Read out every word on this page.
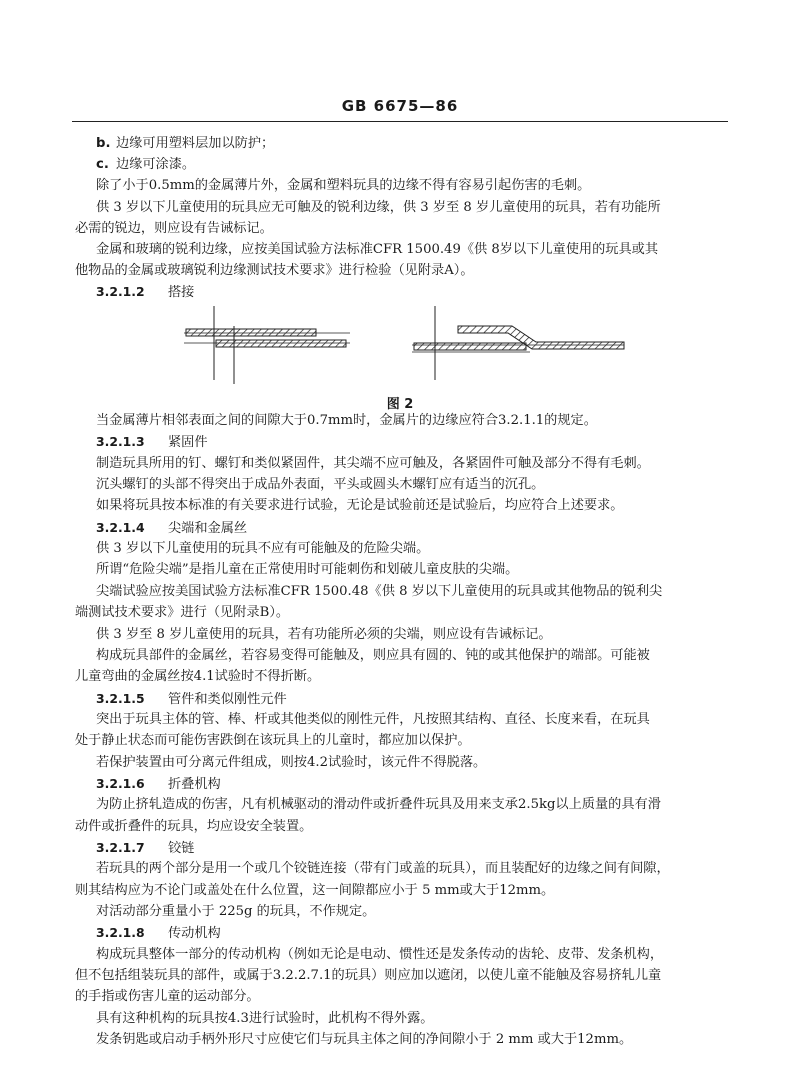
GB 6675—86
b. 边缘可用塑料层加以防护；
c. 边缘可涂漆。
除了小于0.5mm的金属薄片外，金属和塑料玩具的边缘不得有容易引起伤害的毛刺。
供 3 岁以下儿童使用的玩具应无可触及的锐利边缘，供 3 岁至 8 岁儿童使用的玩具，若有功能所
必需的锐边，则应设有告诫标记。
金属和玻璃的锐利边缘，应按美国试验方法标准CFR 1500.49《供 8岁以下儿童使用的玩具或其
他物品的金属或玻璃锐利边缘测试技术要求》进行检验（见附录A）。
3.2.1.2 搭接
图 2
当金属薄片相邻表面之间的间隙大于0.7mm时，金属片的边缘应符合3.2.1.1的规定。
3.2.1.3 紧固件
制造玩具所用的钉、螺钉和类似紧固件，其尖端不应可触及，各紧固件可触及部分不得有毛刺。
沉头螺钉的头部不得突出于成品外表面，平头或圆头木螺钉应有适当的沉孔。
如果将玩具按本标准的有关要求进行试验，无论是试验前还是试验后，均应符合上述要求。
3.2.1.4 尖端和金属丝
供 3 岁以下儿童使用的玩具不应有可能触及的危险尖端。
所谓“危险尖端”是指儿童在正常使用时可能刺伤和划破儿童皮肤的尖端。
尖端试验应按美国试验方法标准CFR 1500.48《供 8 岁以下儿童使用的玩具或其他物品的锐利尖
端测试技术要求》进行（见附录B）。
供 3 岁至 8 岁儿童使用的玩具，若有功能所必须的尖端，则应设有告诫标记。
构成玩具部件的金属丝，若容易变得可能触及，则应具有圆的、钝的或其他保护的端部。可能被
儿童弯曲的金属丝按4.1试验时不得折断。
3.2.1.5 管件和类似刚性元件
突出于玩具主体的管、棒、杆或其他类似的刚性元件，凡按照其结构、直径、长度来看，在玩具
处于静止状态而可能伤害跌倒在该玩具上的儿童时，都应加以保护。
若保护装置由可分离元件组成，则按4.2试验时，该元件不得脱落。
3.2.1.6 折叠机构
为防止挤轧造成的伤害，凡有机械驱动的滑动件或折叠件玩具及用来支承2.5kg以上质量的具有滑
动件或折叠件的玩具，均应设安全装置。
3.2.1.7 铰链
若玩具的两个部分是用一个或几个铰链连接（带有门或盖的玩具），而且装配好的边缘之间有间隙，
则其结构应为不论门或盖处在什么位置，这一间隙都应小于 5 mm或大于12mm。
对活动部分重量小于 225g 的玩具，不作规定。
3.2.1.8 传动机构
构成玩具整体一部分的传动机构（例如无论是电动、惯性还是发条传动的齿轮、皮带、发条机构，
但不包括组装玩具的部件，或属于3.2.2.7.1的玩具）则应加以遮闭，以使儿童不能触及容易挤轧儿童
的手指或伤害儿童的运动部分。
具有这种机构的玩具按4.3进行试验时，此机构不得外露。
发条钥匙或启动手柄外形尺寸应使它们与玩具主体之间的净间隙小于 2 mm 或大于12mm。
